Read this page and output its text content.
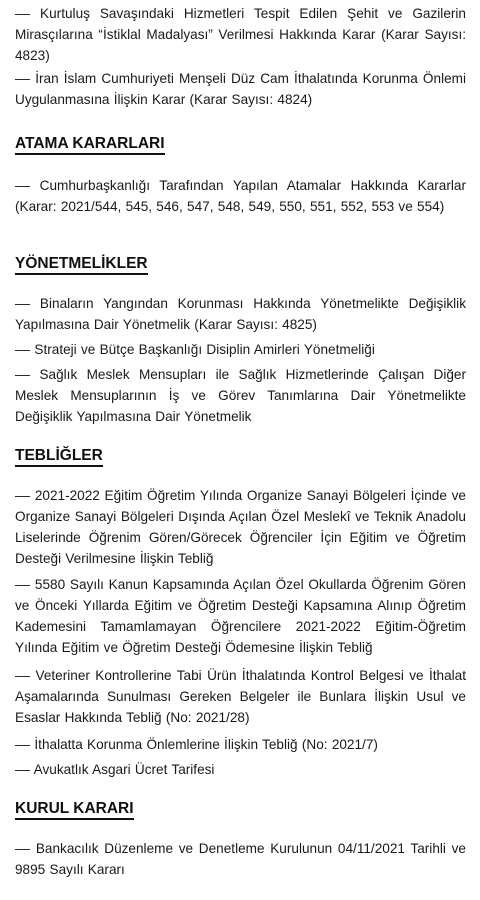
–– Kurtuluş Savaşındaki Hizmetleri Tespit Edilen Şehit ve Gazilerin Mirasçılarına “İstiklal Madalyası” Verilmesi Hakkında Karar (Karar Sayısı: 4823)

–– İran İslam Cumhuriyeti Menşeli Düz Cam İthalatında Korunma Önlemi Uygulanmasına İlişkin Karar (Karar Sayısı: 4824)

ATAMA KARARLARI

–– Cumhurbaşkanlığı Tarafından Yapılan Atamalar Hakkında Kararlar (Karar: 2021/544, 545, 546, 547, 548, 549, 550, 551, 552, 553 ve 554)

YÖNETMELİKLER

–– Binaların Yangından Korunması Hakkında Yönetmelikte Değişiklik Yapılmasına Dair Yönetmelik (Karar Sayısı: 4825)

–– Strateji ve Bütçe Başkanlığı Disiplin Amirleri Yönetmeliği

–– Sağlık Meslek Mensupları ile Sağlık Hizmetlerinde Çalışan Diğer Meslek Mensuplarının İş ve Görev Tanımlarına Dair Yönetmelikte Değişiklik Yapılmasına Dair Yönetmelik

TEBLİĞLER

–– 2021-2022 Eğitim Öğretim Yılında Organize Sanayi Bölgeleri İçinde ve Organize Sanayi Bölgeleri Dışında Açılan Özel Meslekî ve Teknik Anadolu Liselerinde Öğrenim Gören/Görecek Öğrenciler İçin Eğitim ve Öğretim Desteği Verilmesine İlişkin Tebliğ

–– 5580 Sayılı Kanun Kapsamında Açılan Özel Okullarda Öğrenim Gören ve Önceki Yıllarda Eğitim ve Öğretim Desteği Kapsamına Alınıp Öğretim Kademesini Tamamlamayan Öğrencilere 2021-2022 Eğitim-Öğretim Yılında Eğitim ve Öğretim Desteği Ödemesine İlişkin Tebliğ

–– Veteriner Kontrollerine Tabi Ürün İthalatında Kontrol Belgesi ve İthalat Aşamalarında Sunulması Gereken Belgeler ile Bunlara İlişkin Usul ve Esaslar Hakkında Tebliğ (No: 2021/28)

–– İthalatta Korunma Önlemlerine İlişkin Tebliğ (No: 2021/7)

–– Avukatlık Asgari Ücret Tarifesi

KURUL KARARI

–– Bankacılık Düzenleme ve Denetleme Kurulunun 04/11/2021 Tarihli ve 9895 Sayılı Kararı
